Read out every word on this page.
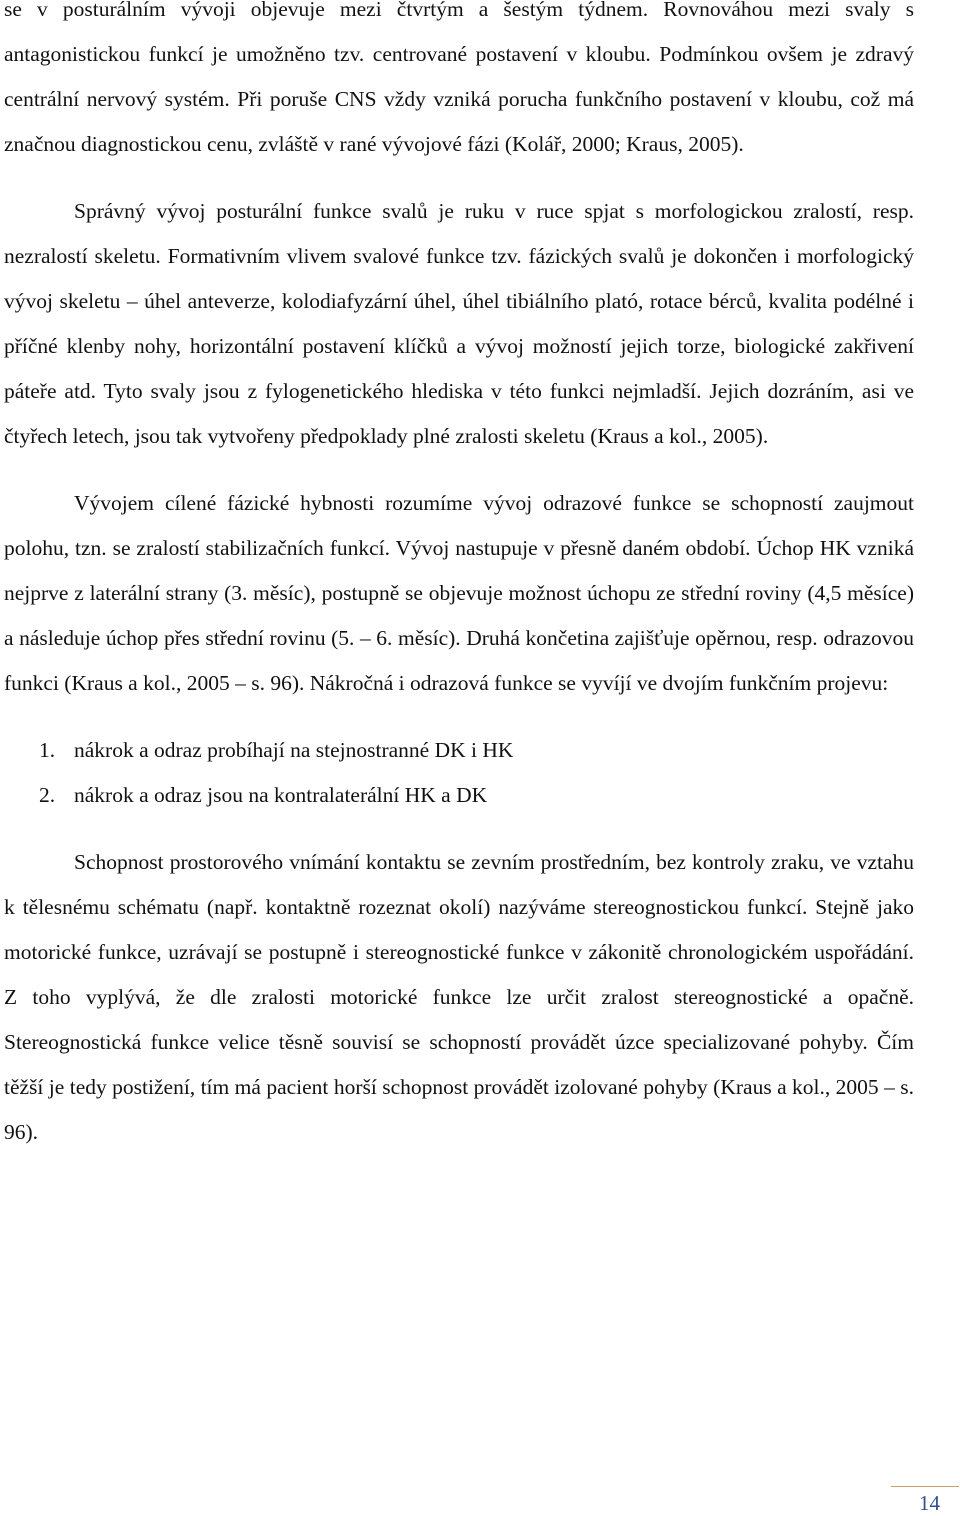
se v posturálním vývoji objevuje mezi čtvrtým a šestým týdnem. Rovnováhou mezi svaly s antagonistickou funkcí je umožněno tzv. centrované postavení v kloubu. Podmínkou ovšem je zdravý centrální nervový systém. Při poruše CNS vždy vzniká porucha funkčního postavení v kloubu, což má značnou diagnostickou cenu, zvláště v rané vývojové fázi (Kolář, 2000; Kraus, 2005).

Správný vývoj posturální funkce svalů je ruku v ruce spjat s morfologickou zralostí, resp. nezralostí skeletu. Formativním vlivem svalové funkce tzv. fázických svalů je dokončen i morfologický vývoj skeletu – úhel anteverze, kolodiafyzární úhel, úhel tibiálního plató, rotace bérců, kvalita podélné i příčné klenby nohy, horizontální postavení klíčků a vývoj možností jejich torze, biologické zakřivení páteře atd. Tyto svaly jsou z fylogenetického hlediska v této funkci nejmladší. Jejich dozráním, asi ve čtyřech letech, jsou tak vytvořeny předpoklady plné zralosti skeletu (Kraus a kol., 2005).

Vývojem cílené fázické hybnosti rozumíme vývoj odrazové funkce se schopností zaujmout polohu, tzn. se zralostí stabilizačních funkcí. Vývoj nastupuje v přesně daném období. Úchop HK vzniká nejprve z laterální strany (3. měsíc), postupně se objevuje možnost úchopu ze střední roviny (4,5 měsíce) a následuje úchop přes střední rovinu (5. – 6. měsíc). Druhá končetina zajišťuje opěrnou, resp. odrazovou funkci (Kraus a kol., 2005 – s. 96). Nákročná i odrazová funkce se vyvíjí ve dvojím funkčním projevu:

1. nákrok a odraz probíhají na stejnostranné DK i HK
2. nákrok a odraz jsou na kontralaterální HK a DK

Schopnost prostorového vnímání kontaktu se zevním prostředním, bez kontroly zraku, ve vztahu k tělesnému schématu (např. kontaktně rozeznat okolí) nazýváme stereognostickou funkcí. Stejně jako motorické funkce, uzrávají se postupně i stereognostické funkce v zákonitě chronologickém uspořádání. Z toho vyplývá, že dle zralosti motorické funkce lze určit zralost stereognostické a opačně. Stereognostická funkce velice těsně souvisí se schopností provádět úzce specializované pohyby. Čím těžší je tedy postižení, tím má pacient horší schopnost provádět izolované pohyby (Kraus a kol., 2005 – s. 96).

14
